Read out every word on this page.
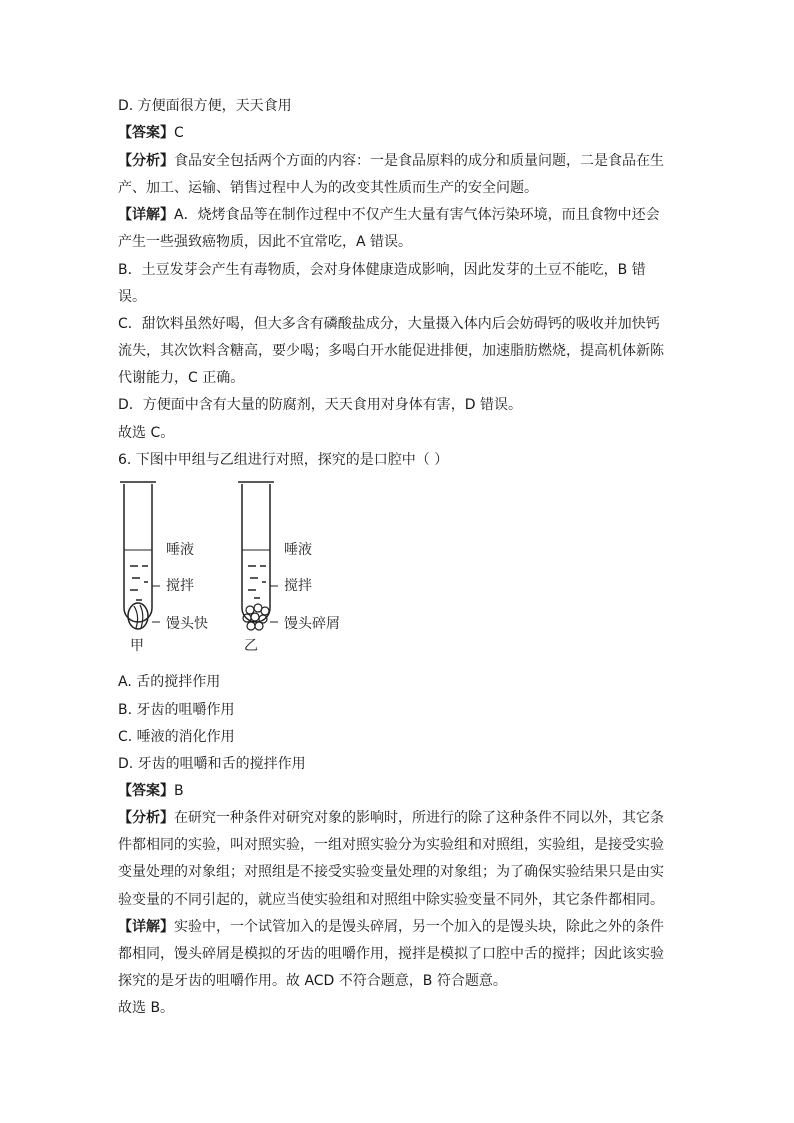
D. 方便面很方便，天天食用
【答案】C
【分析】食品安全包括两个方面的内容：一是食品原料的成分和质量问题，二是食品在生
产、加工、运输、销售过程中人为的改变其性质而生产的安全问题。
【详解】A．烧烤食品等在制作过程中不仅产生大量有害气体污染环境，而且食物中还会
产生一些强致癌物质，因此不宜常吃，A 错误。
B．土豆发芽会产生有毒物质，会对身体健康造成影响，因此发芽的土豆不能吃，B 错
误。
C．甜饮料虽然好喝，但大多含有磷酸盐成分，大量摄入体内后会妨碍钙的吸收并加快钙
流失，其次饮料含糖高，要少喝；多喝白开水能促进排便，加速脂肪燃烧，提高机体新陈
代谢能力，C 正确。
D．方便面中含有大量的防腐剂，天天食用对身体有害，D 错误。
故选 C。
6. 下图中甲组与乙组进行对照，探究的是口腔中（ ）
A. 舌的搅拌作用
B. 牙齿的咀嚼作用
C. 唾液的消化作用
D. 牙齿的咀嚼和舌的搅拌作用
【答案】B
【分析】在研究一种条件对研究对象的影响时，所进行的除了这种条件不同以外，其它条
件都相同的实验，叫对照实验，一组对照实验分为实验组和对照组，实验组，是接受实验
变量处理的对象组；对照组是不接受实验变量处理的对象组；为了确保实验结果只是由实
验变量的不同引起的，就应当使实验组和对照组中除实验变量不同外，其它条件都相同。
【详解】实验中，一个试管加入的是馒头碎屑，另一个加入的是馒头块，除此之外的条件
都相同，馒头碎屑是模拟的牙齿的咀嚼作用，搅拌是模拟了口腔中舌的搅拌；因此该实验
探究的是牙齿的咀嚼作用。故 ACD 不符合题意，B 符合题意。
故选 B。
唾液
搅拌
馒头快
甲
唾液
搅拌
馒头碎屑
乙
